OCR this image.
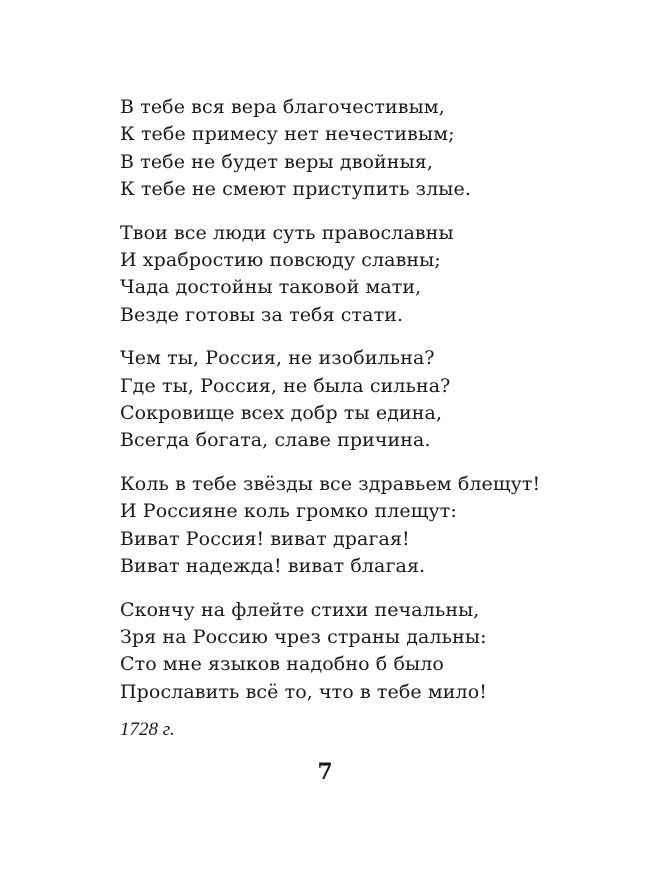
В тебе вся вера благочестивым,
К тебе примесу нет нечестивым;
В тебе не будет веры двойныя,
К тебе не смеют приступить злые.
Твои все люди суть православны
И храбростию повсюду славны;
Чада достойны таковой мати,
Везде готовы за тебя стати.
Чем ты, Россия, не изобильна?
Где ты, Россия, не была сильна?
Сокровище всех добр ты едина,
Всегда богата, славе причина.
Коль в тебе звёзды все здравьем блещут!
И Россияне коль громко плещут:
Виват Россия! виват драгая!
Виват надежда! виват благая.
Скончу на флейте стихи печальны,
Зря на Россию чрез страны дальны:
Сто мне языков надобно б было
Прославить всё то, что в тебе мило!
1728 г.
7
